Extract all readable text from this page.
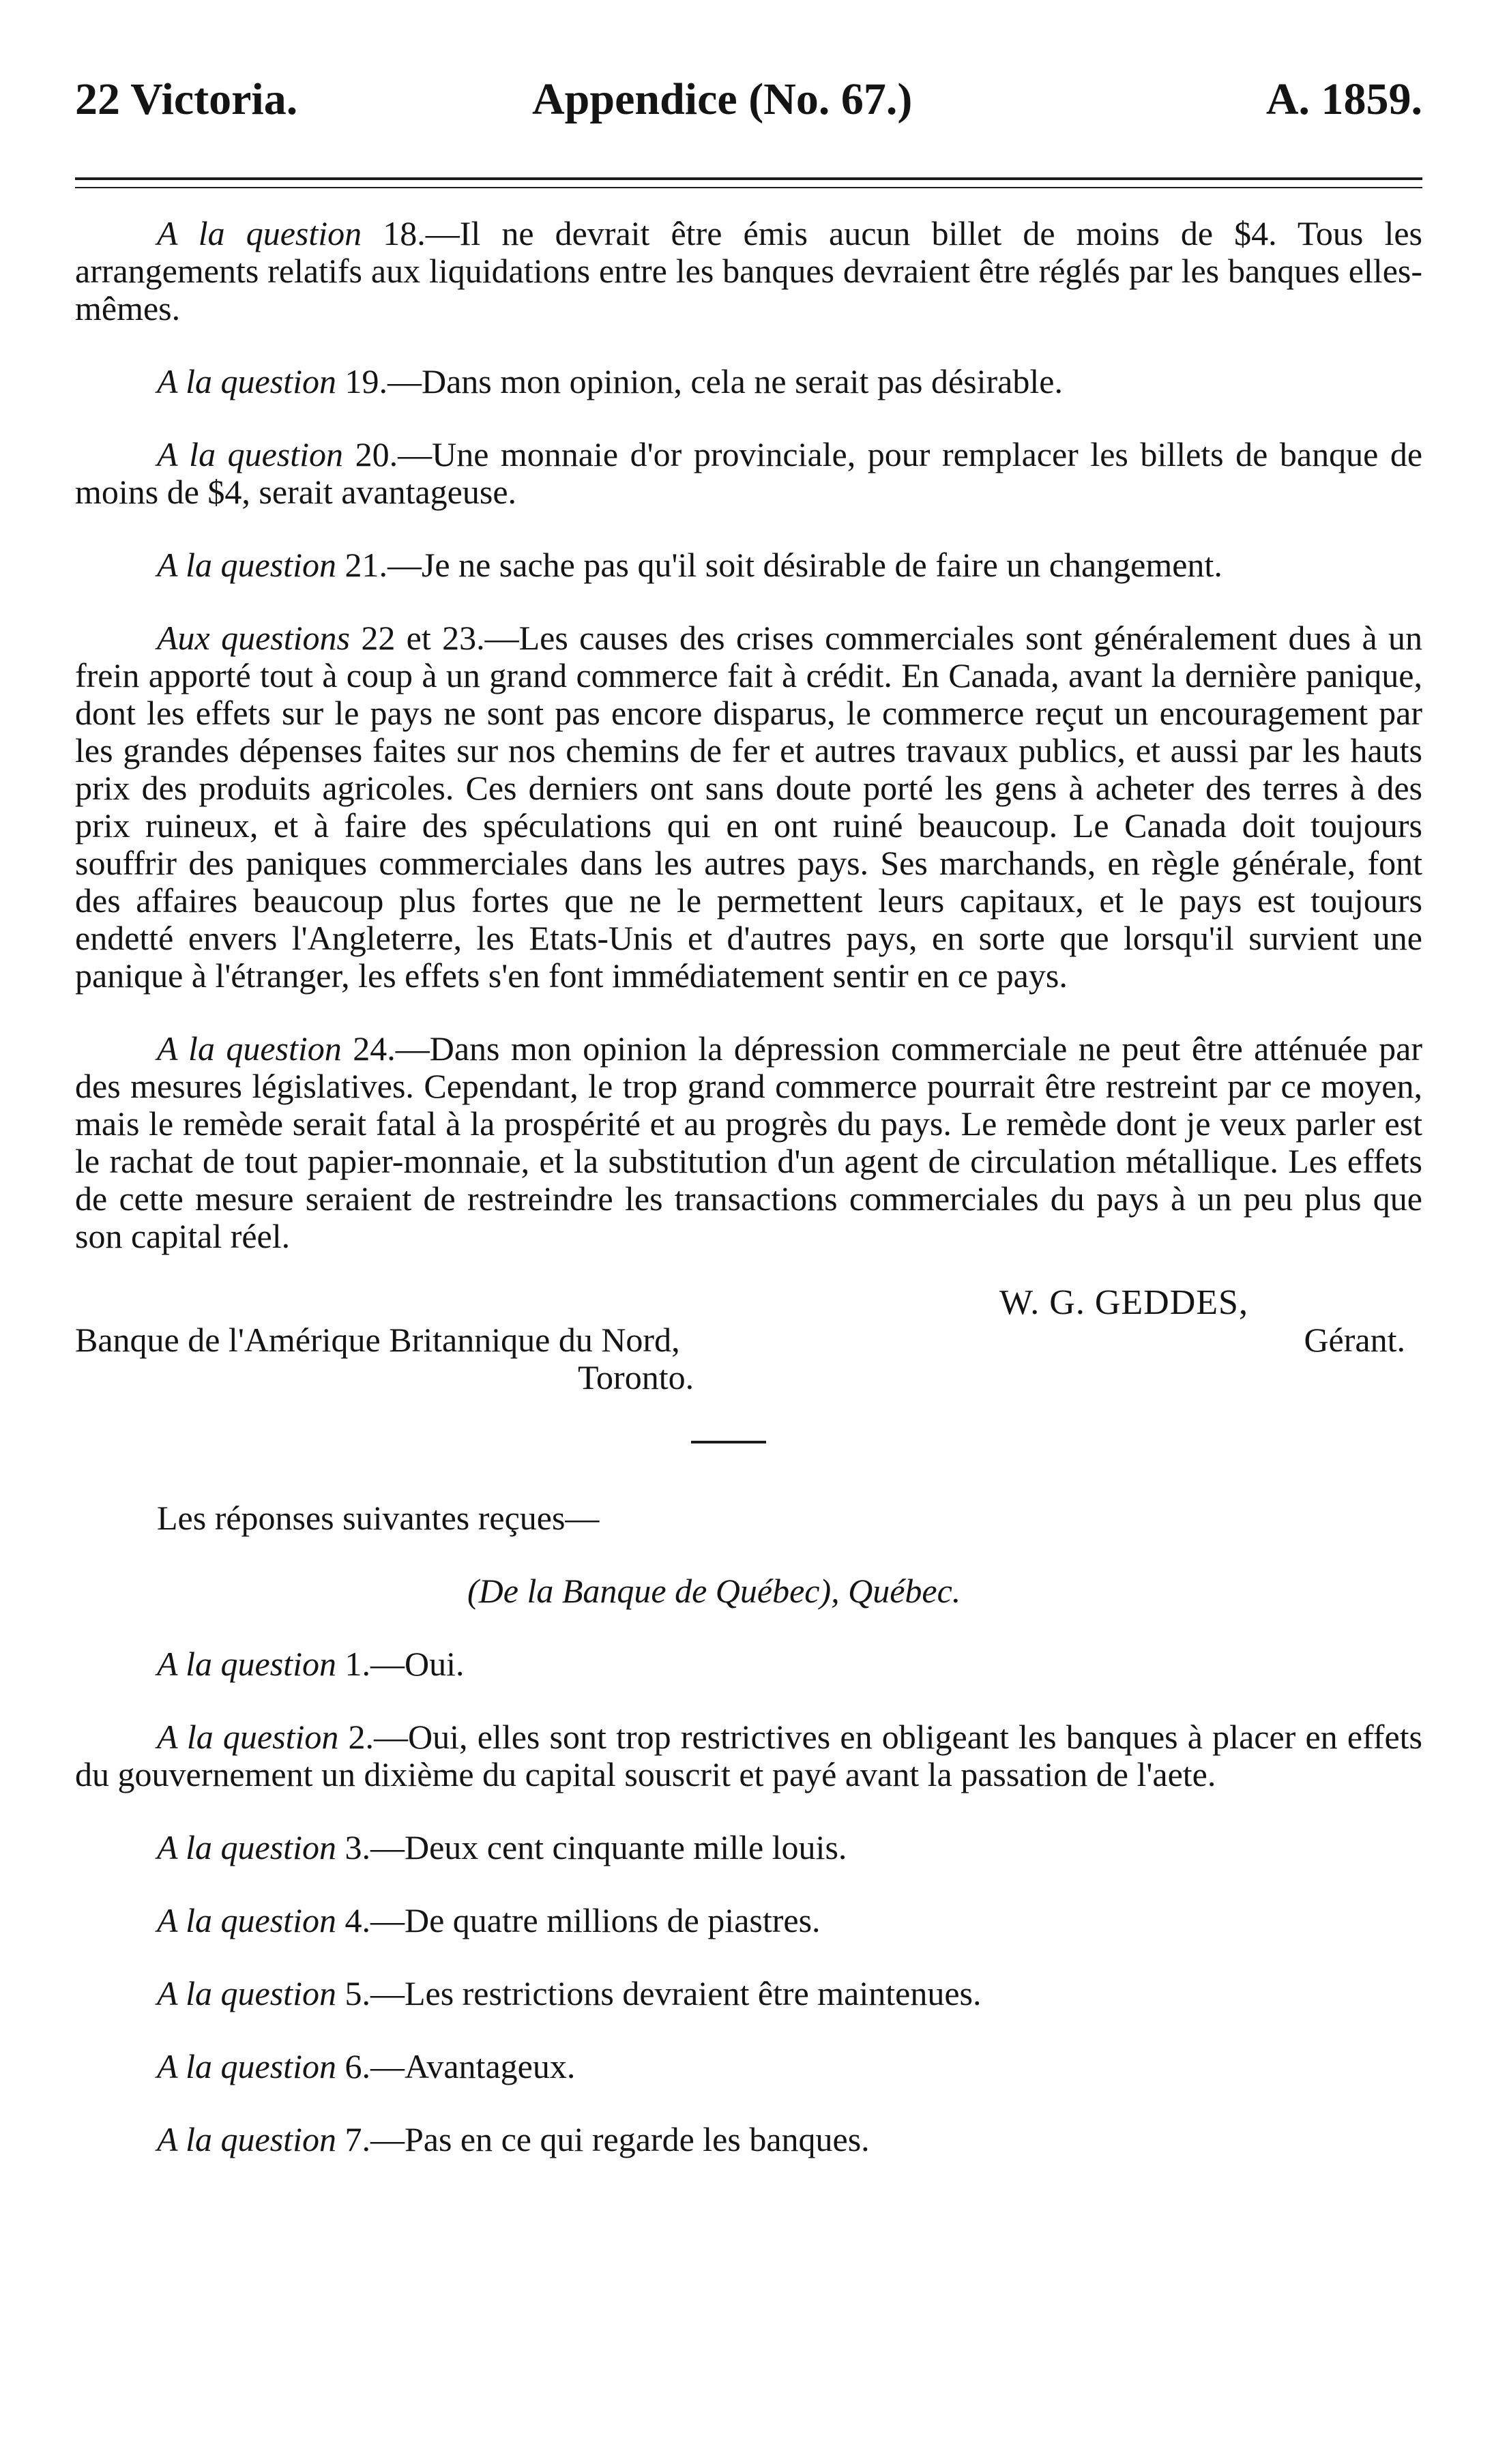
22 Victoria.	Appendice (No. 67.)	A. 1859.

A la question 18.—Il ne devrait être émis aucun billet de moins de $4. Tous les arrangements relatifs aux liquidations entre les banques devraient être réglés par les banques elles-mêmes.

A la question 19.—Dans mon opinion, cela ne serait pas désirable.

A la question 20.—Une monnaie d'or provinciale, pour remplacer les billets de banque de moins de $4, serait avantageuse.

A la question 21.—Je ne sache pas qu'il soit désirable de faire un changement.

Aux questions 22 et 23.—Les causes des crises commerciales sont généralement dues à un frein apporté tout à coup à un grand commerce fait à crédit. En Canada, avant la dernière panique, dont les effets sur le pays ne sont pas encore disparus, le commerce reçut un encouragement par les grandes dépenses faites sur nos chemins de fer et autres travaux publics, et aussi par les hauts prix des produits agricoles. Ces derniers ont sans doute porté les gens à acheter des terres à des prix ruineux, et à faire des spéculations qui en ont ruiné beaucoup. Le Canada doit toujours souffrir des paniques commerciales dans les autres pays. Ses marchands, en règle générale, font des affaires beaucoup plus fortes que ne le permettent leurs capitaux, et le pays est toujours endetté envers l'Angleterre, les Etats-Unis et d'autres pays, en sorte que lorsqu'il survient une panique à l'étranger, les effets s'en font immédiatement sentir en ce pays.

A la question 24.—Dans mon opinion la dépression commerciale ne peut être atténuée par des mesures législatives. Cependant, le trop grand commerce pourrait être restreint par ce moyen, mais le remède serait fatal à la prospérité et au progrès du pays. Le remède dont je veux parler est le rachat de tout papier-monnaie, et la substitution d'un agent de circulation métallique. Les effets de cette mesure seraient de restreindre les transactions commerciales du pays à un peu plus que son capital réel.

W. G. GEDDES,
Banque de l'Amérique Britannique du Nord,	Gérant.
Toronto.

Les réponses suivantes reçues—

(De la Banque de Québec), Québec.

A la question 1.—Oui.

A la question 2.—Oui, elles sont trop restrictives en obligeant les banques à placer en effets du gouvernement un dixième du capital souscrit et payé avant la passation de l'aete.

A la question 3.—Deux cent cinquante mille louis.

A la question 4.—De quatre millions de piastres.

A la question 5.—Les restrictions devraient être maintenues.

A la question 6.—Avantageux.

A la question 7.—Pas en ce qui regarde les banques.
